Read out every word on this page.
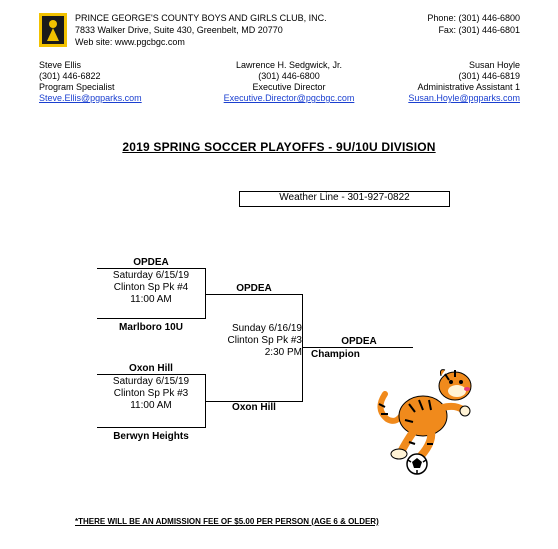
PRINCE GEORGE'S COUNTY BOYS AND GIRLS CLUB, INC.
7833 Walker Drive, Suite 430, Greenbelt, MD 20770
Web site: www.pgcbgc.com
Phone: (301) 446-6800
Fax: (301) 446-6801
Steve Ellis
(301) 446-6822
Program Specialist
Steve.Ellis@pgparks.com
Lawrence H. Sedgwick, Jr.
(301) 446-6800
Executive Director
Executive.Director@pgcbgc.com
Susan Hoyle
(301) 446-6819
Administrative Assistant 1
Susan.Hoyle@pgparks.com
2019 SPRING SOCCER PLAYOFFS - 9U/10U DIVISION
Weather Line - 301-927-0822
OPDEA
Saturday 6/15/19
Clinton Sp Pk #4
11:00 AM
Marlboro 10U
OPDEA
Sunday 6/16/19
Clinton Sp Pk #3
2:30 PM
OPDEA
Champion
Oxon Hill
Saturday 6/15/19
Clinton Sp Pk #3
11:00 AM
Berwyn Heights
Oxon Hill
*THERE WILL BE AN ADMISSION FEE OF $5.00 PER PERSON (AGE 6 & OLDER)
